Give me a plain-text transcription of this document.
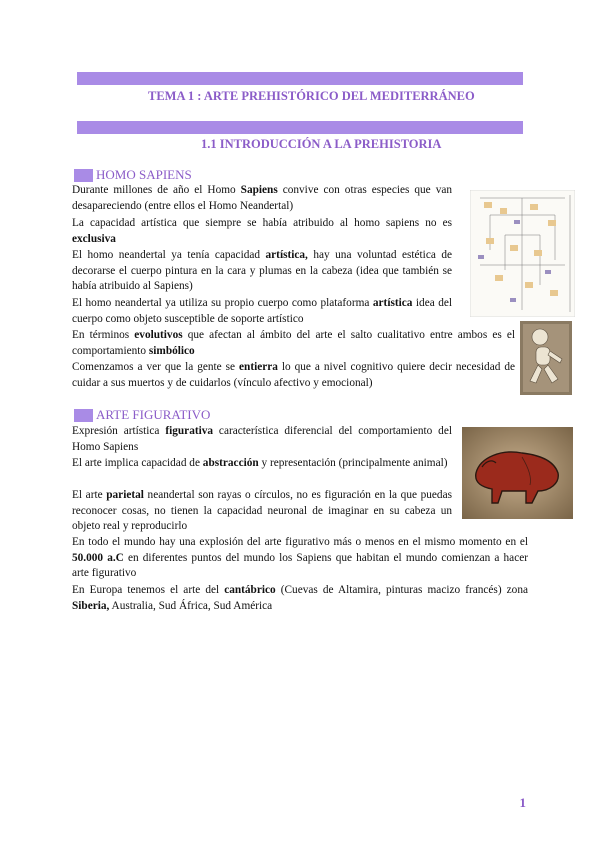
TEMA 1 : ARTE PREHISTÓRICO DEL MEDITERRÁNEO
1.1 INTRODUCCIÓN A LA PREHISTORIA
HOMO SAPIENS

Durante millones de año el Homo Sapiens convive con otras especies que van desapareciendo (entre ellos el Homo Neandertal)

La capacidad artística que siempre se había atribuido al homo sapiens no es exclusiva

El homo neandertal ya tenía capacidad artística, hay una voluntad estética de decorarse el cuerpo pintura en la cara y plumas en la cabeza (idea que también se había atribuido al Sapiens)

El homo neandertal ya utiliza su propio cuerpo como plataforma artística idea del cuerpo como objeto susceptible de soporte artístico

En términos evolutivos que afectan al ámbito del arte el salto cualitativo entre ambos es el comportamiento simbólico

Comenzamos a ver que la gente se entierra lo que a nivel cognitivo quiere decir necesidad de cuidar a sus muertos y de cuidarlos (vínculo afectivo y emocional)

ARTE FIGURATIVO

Expresión artística figurativa característica diferencial del comportamiento del Homo Sapiens

El arte implica capacidad de abstracción y representación (principalmente animal)

El arte parietal neandertal son rayas o círculos, no es figuración en la que puedas reconocer cosas, no tienen la capacidad neuronal de imaginar en su cabeza un objeto real y reproducirlo

En todo el mundo hay una explosión del arte figurativo más o menos en el mismo momento en el 50.000 a.C en diferentes puntos del mundo los Sapiens que habitan el mundo comienzan a hacer arte figurativo

En Europa tenemos el arte del cantábrico (Cuevas de Altamira, pinturas macizo francés) zona Siberia, Australia, Sud África, Sud América

1
